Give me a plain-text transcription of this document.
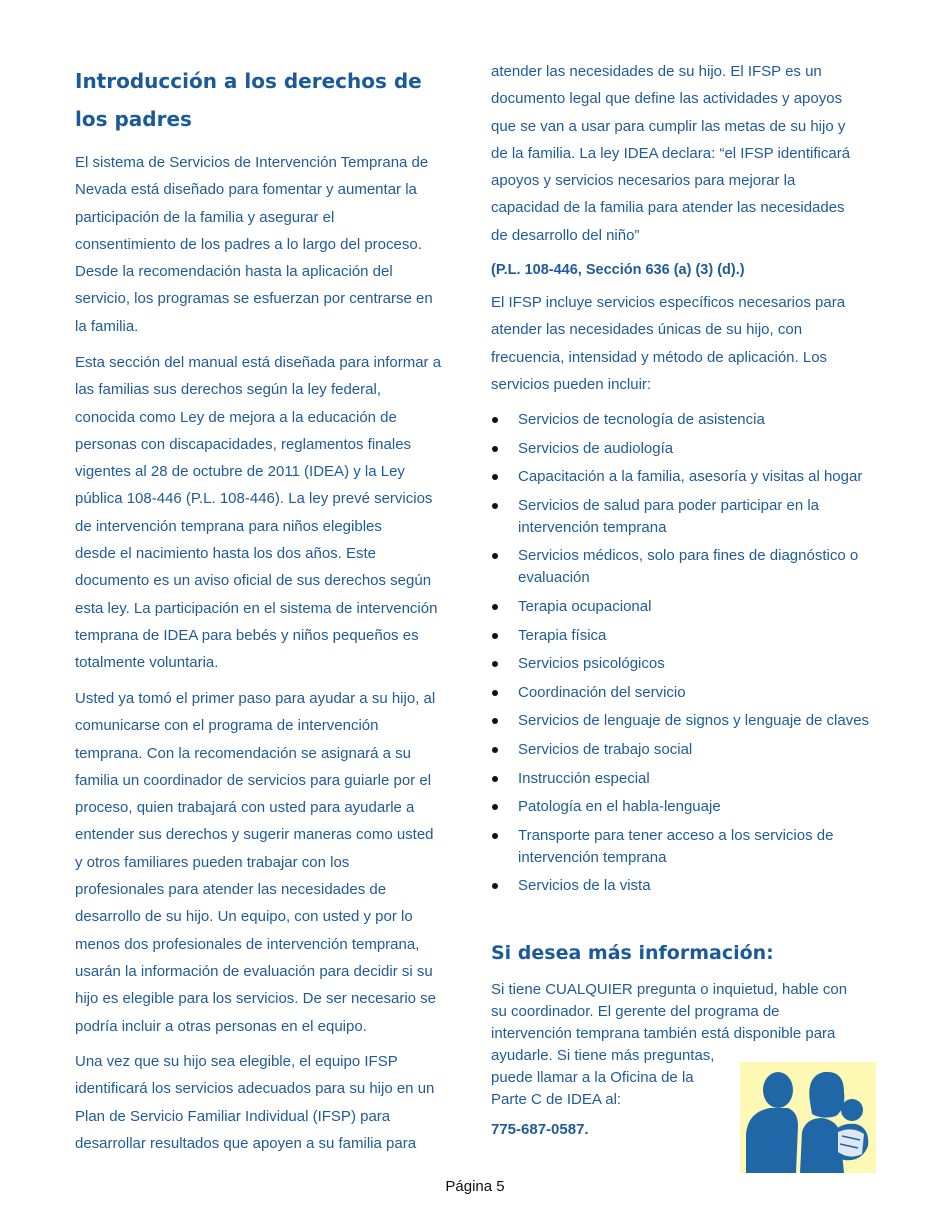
Introducción a los derechos de
los padres

El sistema de Servicios de Intervención Temprana de
Nevada está diseñado para fomentar y aumentar la
participación de la familia y asegurar el
consentimiento de los padres a lo largo del proceso.
Desde la recomendación hasta la aplicación del
servicio, los programas se esfuerzan por centrarse en
la familia.

Esta sección del manual está diseñada para informar a
las familias sus derechos según la ley federal,
conocida como Ley de mejora a la educación de
personas con discapacidades, reglamentos finales
vigentes al 28 de octubre de 2011 (IDEA) y la Ley
pública 108-446 (P.L. 108-446). La ley prevé servicios
de intervención temprana para niños elegibles
desde el nacimiento hasta los dos años. Este
documento es un aviso oficial de sus derechos según
esta ley. La participación en el sistema de intervención
temprana de IDEA para bebés y niños pequeños es
totalmente voluntaria.

Usted ya tomó el primer paso para ayudar a su hijo, al
comunicarse con el programa de intervención
temprana. Con la recomendación se asignará a su
familia un coordinador de servicios para guiarle por el
proceso, quien trabajará con usted para ayudarle a
entender sus derechos y sugerir maneras como usted
y otros familiares pueden trabajar con los
profesionales para atender las necesidades de
desarrollo de su hijo. Un equipo, con usted y por lo
menos dos profesionales de intervención temprana,
usarán la información de evaluación para decidir si su
hijo es elegible para los servicios. De ser necesario se
podría incluir a otras personas en el equipo.

Una vez que su hijo sea elegible, el equipo IFSP
identificará los servicios adecuados para su hijo en un
Plan de Servicio Familiar Individual (IFSP) para
desarrollar resultados que apoyen a su familia para

atender las necesidades de su hijo. El IFSP es un
documento legal que define las actividades y apoyos
que se van a usar para cumplir las metas de su hijo y
de la familia. La ley IDEA declara: “el IFSP identificará
apoyos y servicios necesarios para mejorar la
capacidad de la familia para atender las necesidades
de desarrollo del niño”

(P.L. 108-446, Sección 636 (a) (3) (d).)

El IFSP incluye servicios específicos necesarios para
atender las necesidades únicas de su hijo, con
frecuencia, intensidad y método de aplicación. Los
servicios pueden incluir:

Servicios de tecnología de asistencia
Servicios de audiología
Capacitación a la familia, asesoría y visitas al hogar
Servicios de salud para poder participar en la intervención temprana
Servicios médicos, solo para fines de diagnóstico o evaluación
Terapia ocupacional
Terapia física
Servicios psicológicos
Coordinación del servicio
Servicios de lenguaje de signos y lenguaje de claves
Servicios de trabajo social
Instrucción especial
Patología en el habla-lenguaje
Transporte para tener acceso a los servicios de intervención temprana
Servicios de la vista
Si desea más información:

Si tiene CUALQUIER pregunta o inquietud, hable con
su coordinador. El gerente del programa de
intervención temprana también está disponible para

ayudarle. Si tiene más preguntas,
puede llamar a la Oficina de la
Parte C de IDEA al:

775-687-0587.

Página 5
